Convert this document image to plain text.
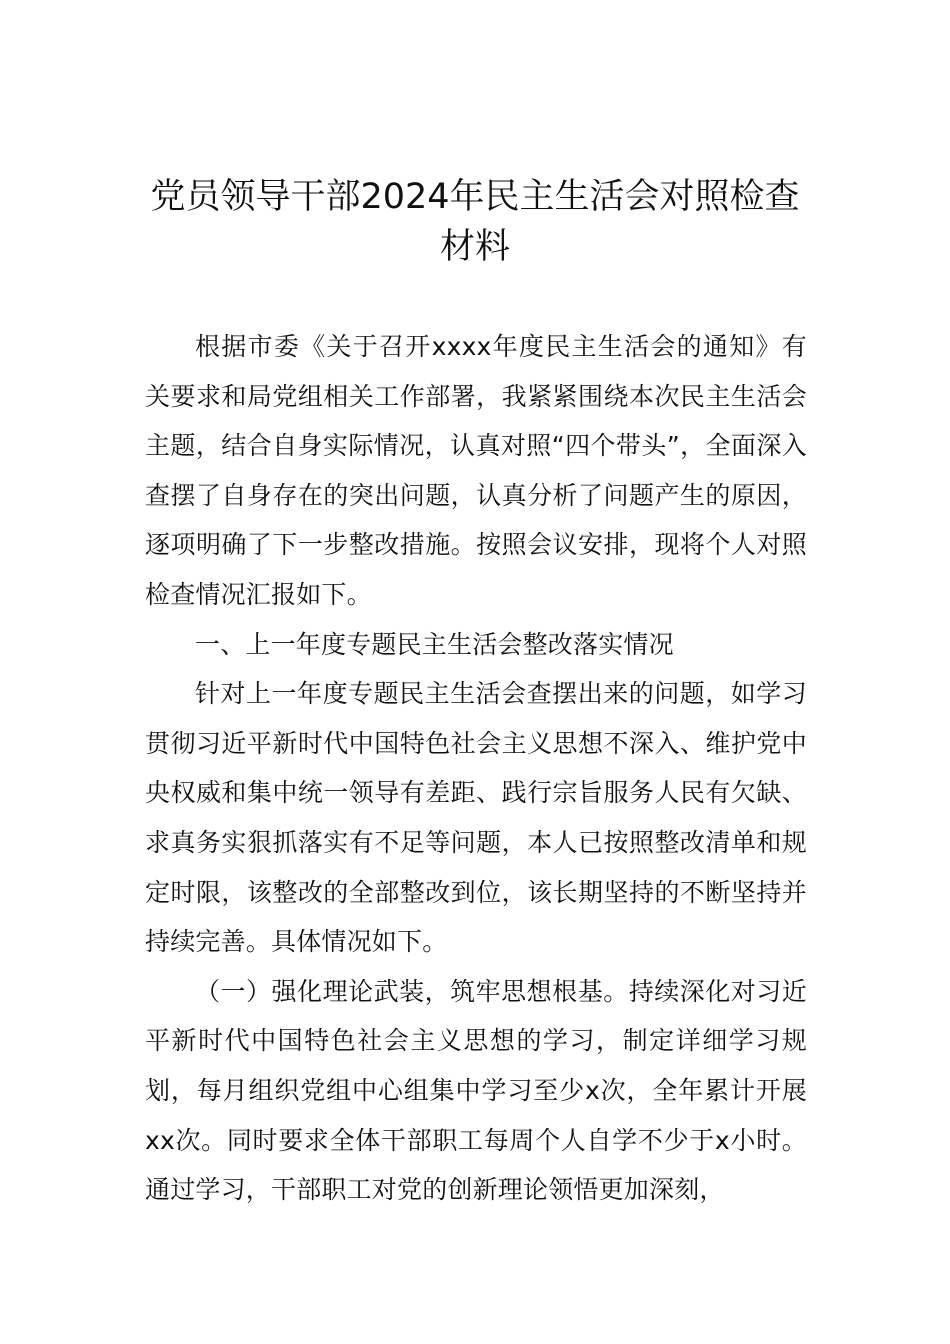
党员领导干部2024年民主生活会对照检查
材料

根据市委《关于召开xxxx年度民主生活会的通知》有关要求和局党组相关工作部署，我紧紧围绕本次民主生活会主题，结合自身实际情况，认真对照“四个带头”，全面深入查摆了自身存在的突出问题，认真分析了问题产生的原因，逐项明确了下一步整改措施。按照会议安排，现将个人对照检查情况汇报如下。

一、上一年度专题民主生活会整改落实情况

针对上一年度专题民主生活会查摆出来的问题，如学习贯彻习近平新时代中国特色社会主义思想不深入、维护党中央权威和集中统一领导有差距、践行宗旨服务人民有欠缺、求真务实狠抓落实有不足等问题，本人已按照整改清单和规定时限，该整改的全部整改到位，该长期坚持的不断坚持并持续完善。具体情况如下。

（一）强化理论武装，筑牢思想根基。持续深化对习近平新时代中国特色社会主义思想的学习，制定详细学习规划，每月组织党组中心组集中学习至少x次，全年累计开展xx次。同时要求全体干部职工每周个人自学不少于x小时。通过学习，干部职工对党的创新理论领悟更加深刻，
